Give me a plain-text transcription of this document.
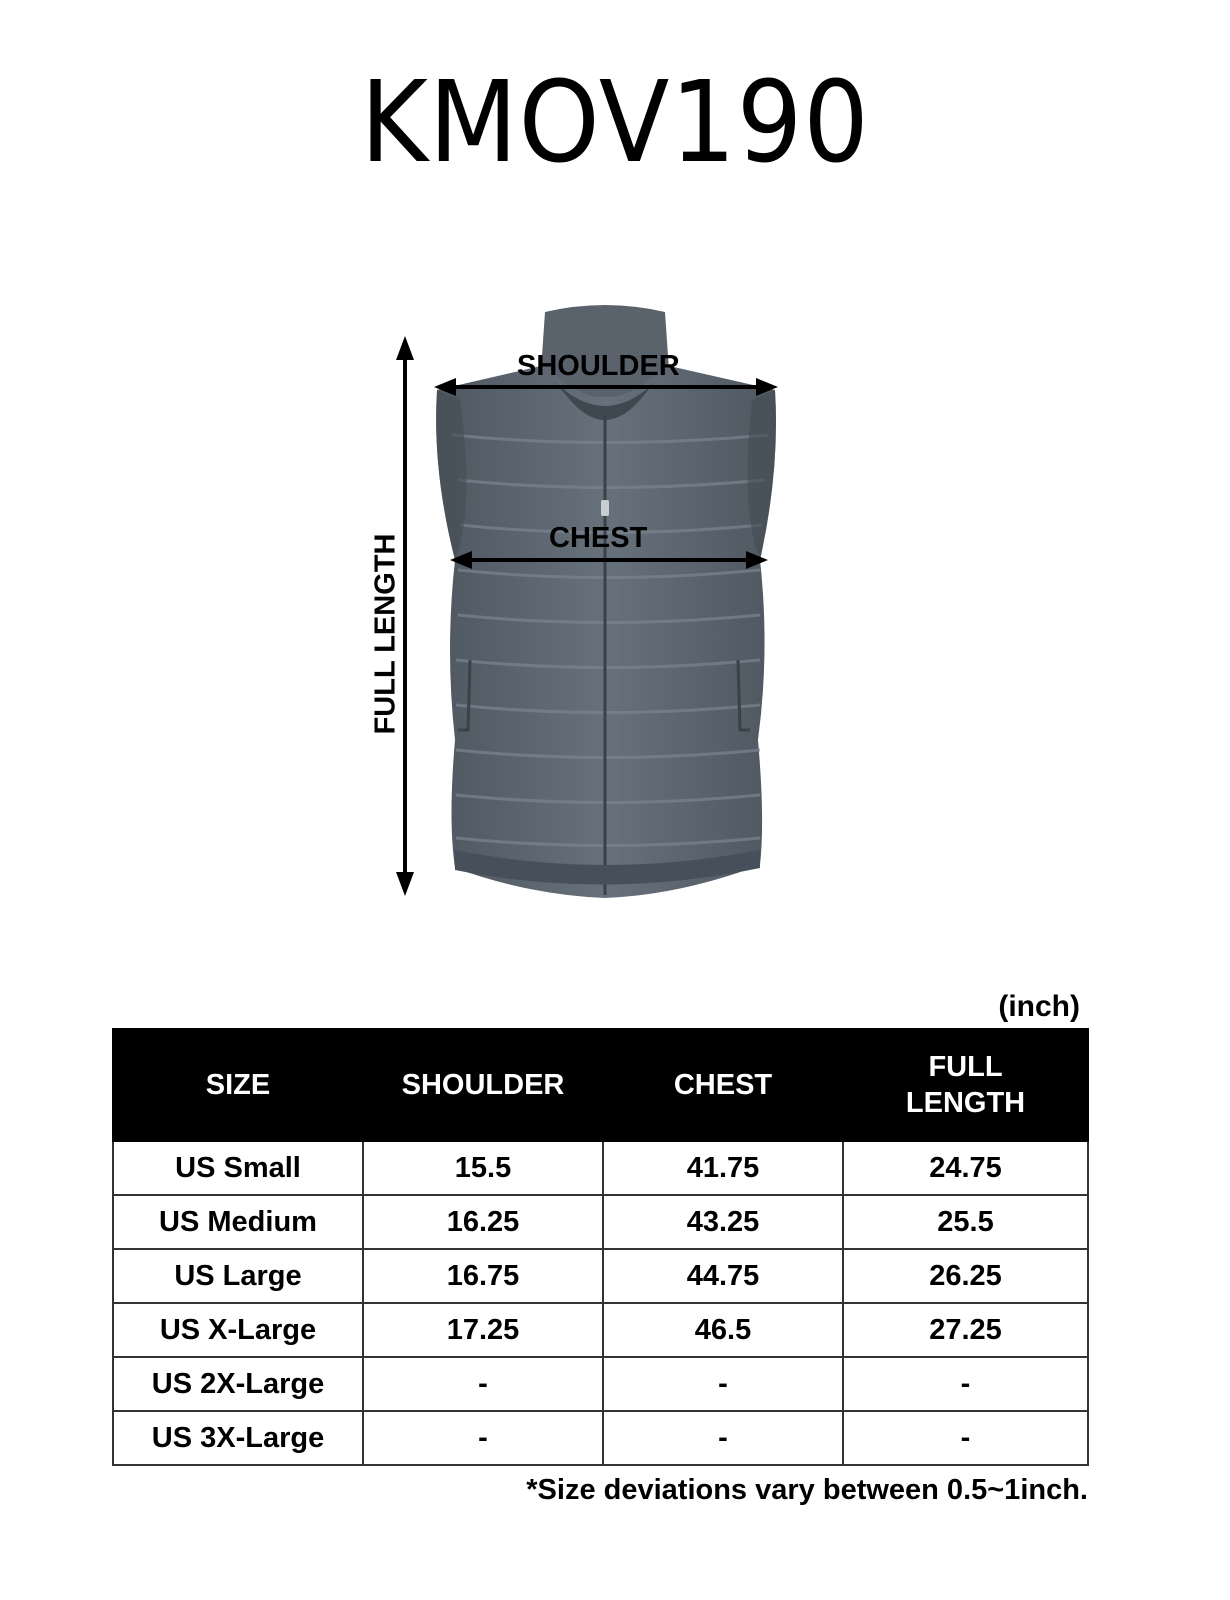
KMOV190
SHOULDER
CHEST
FULL LENGTH
(inch)
SIZE	SHOULDER	CHEST	FULL
LENGTH
US Small	15.5	41.75	24.75
US Medium	16.25	43.25	25.5
US Large	16.75	44.75	26.25
US X-Large	17.25	46.5	27.25
US 2X-Large	-	-	-
US 3X-Large	-	-	-
*Size deviations vary between 0.5~1inch.
